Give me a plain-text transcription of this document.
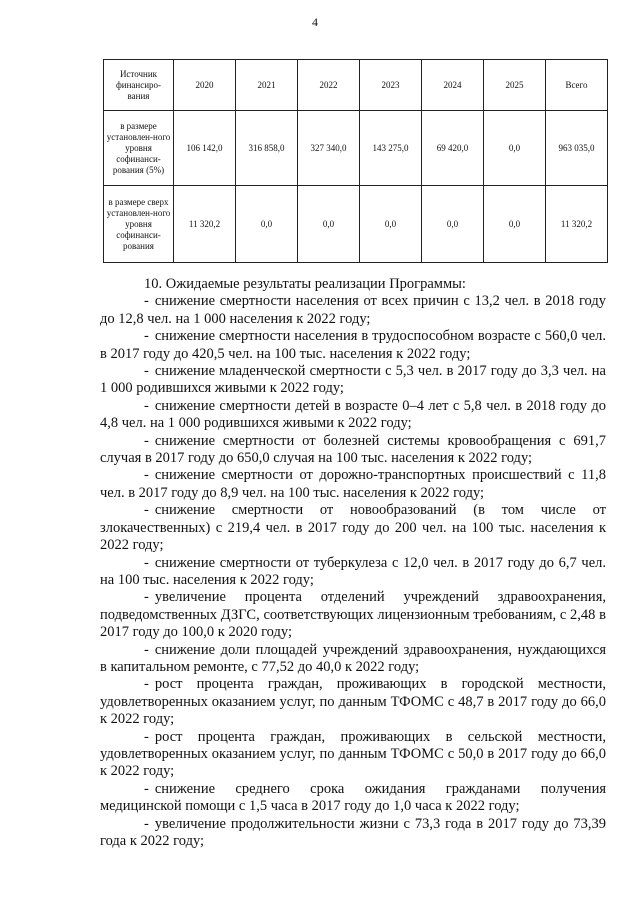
4
Источник финансиро-вания	2020	2021	2022	2023	2024	2025	Всего
в размере установлен-ного уровня софинанси-рования (5%)	106 142,0	316 858,0	327 340,0	143 275,0	69 420,0	0,0	963 035,0
в размере сверх установлен-ного уровня софинанси-рования	11 320,2	0,0	0,0	0,0	0,0	0,0	11 320,2

10. Ожидаемые результаты реализации Программы:

- снижение смертности населения от всех причин с 13,2 чел. в 2018 году до 12,8 чел. на 1 000 населения к 2022 году;

- снижение смертности населения в трудоспособном возрасте с 560,0 чел. в 2017 году до 420,5 чел. на 100 тыс. населения к 2022 году;

- снижение младенческой смертности с 5,3 чел. в 2017 году до 3,3 чел. на 1 000 родившихся живыми к 2022 году;

- снижение смертности детей в возрасте 0–4 лет с 5,8 чел. в 2018 году до 4,8 чел. на 1 000 родившихся живыми к 2022 году;

- снижение смертности от болезней системы кровообращения с 691,7 случая в 2017 году до 650,0 случая на 100 тыс. населения к 2022 году;

- снижение смертности от дорожно-транспортных происшествий с 11,8 чел. в 2017 году до 8,9 чел. на 100 тыс. населения к 2022 году;

- снижение смертности от новообразований (в том числе от злокачественных) с 219,4 чел. в 2017 году до 200 чел. на 100 тыс. населения к 2022 году;

- снижение смертности от туберкулеза с 12,0 чел. в 2017 году до 6,7 чел. на 100 тыс. населения к 2022 году;

- увеличение процента отделений учреждений здравоохранения, подведомственных ДЗГС, соответствующих лицензионным требованиям, с 2,48 в 2017 году до 100,0 к 2020 году;

- снижение доли площадей учреждений здравоохранения, нуждающихся в капитальном ремонте, с 77,52 до 40,0 к 2022 году;

- рост процента граждан, проживающих в городской местности, удовлетворенных оказанием услуг, по данным ТФОМС с 48,7 в 2017 году до 66,0 к 2022 году;

- рост процента граждан, проживающих в сельской местности, удовлетворенных оказанием услуг, по данным ТФОМС с 50,0 в 2017 году до 66,0 к 2022 году;

- снижение среднего срока ожидания гражданами получения медицинской помощи с 1,5 часа в 2017 году до 1,0 часа к 2022 году;

- увеличение продолжительности жизни с 73,3 года в 2017 году до 73,39 года к 2022 году;
